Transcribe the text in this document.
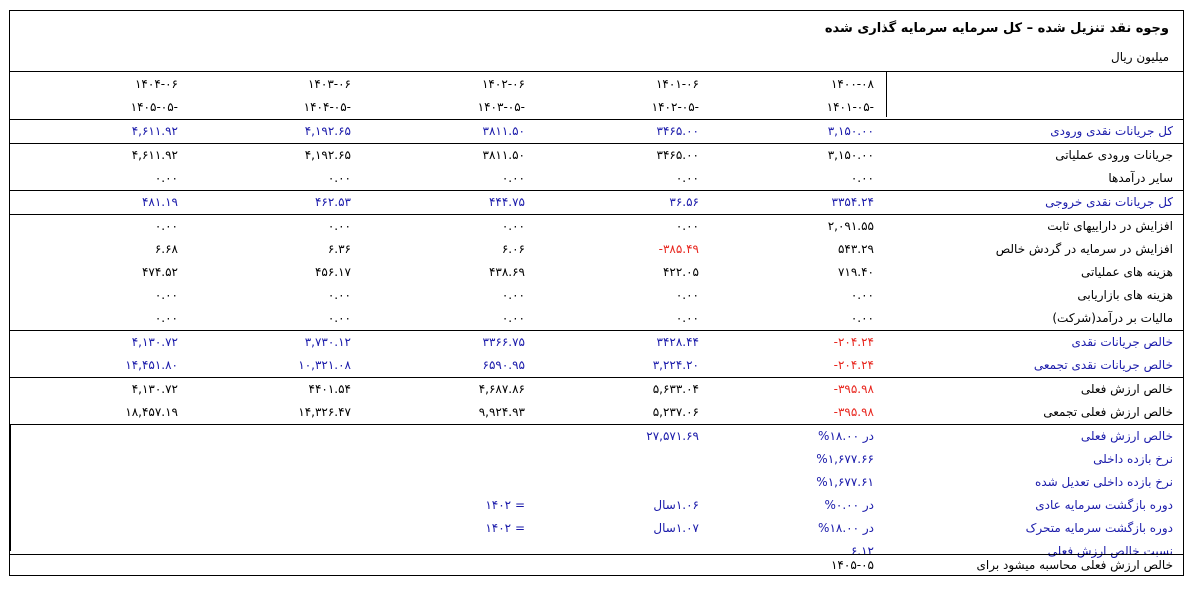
وجوه نقد تنزیل شده – کل سرمایه سرمایه گذاری شده
میلیون ریال
۱۴۰۰-۰۸
۱۴۰۱-۰۶
۱۴۰۲-۰۶
۱۴۰۳-۰۶
۱۴۰۴-۰۶
۱۴۰۱-۰۵-
۱۴۰۲-۰۵-
۱۴۰۳-۰۵-
۱۴۰۴-۰۵-
۱۴۰۵-۰۵-
کل جریانات نقدی ورودی
۳,۱۵۰.۰۰
۳۴۶۵.۰۰
۳۸۱۱.۵۰
۴,۱۹۲.۶۵
۴,۶۱۱.۹۲
جریانات ورودی عملیاتی
۳,۱۵۰.۰۰
۳۴۶۵.۰۰
۳۸۱۱.۵۰
۴,۱۹۲.۶۵
۴,۶۱۱.۹۲
سایر درآمدها
۰.۰۰
۰.۰۰
۰.۰۰
۰.۰۰
۰.۰۰
کل جریانات نقدی خروجی
۳۳۵۴.۲۴
۳۶.۵۶
۴۴۴.۷۵
۴۶۲.۵۳
۴۸۱.۱۹
افزایش در داراییهای ثابت
۲,۰۹۱.۵۵
۰.۰۰
۰.۰۰
۰.۰۰
۰.۰۰
افزایش در سرمایه در گردش خالص
۵۴۳.۲۹
-۳۸۵.۴۹
۶.۰۶
۶.۳۶
۶.۶۸
هزینه های عملیاتی
۷۱۹.۴۰
۴۲۲.۰۵
۴۳۸.۶۹
۴۵۶.۱۷
۴۷۴.۵۲
هزینه های بازاریابی
۰.۰۰
۰.۰۰
۰.۰۰
۰.۰۰
۰.۰۰
مالیات بر درآمد(شرکت)
۰.۰۰
۰.۰۰
۰.۰۰
۰.۰۰
۰.۰۰
خالص جریانات نقدی
-۲۰۴.۲۴
۳۴۲۸.۴۴
۳۳۶۶.۷۵
۳,۷۳۰.۱۲
۴,۱۳۰.۷۲
خالص جریانات نقدی تجمعی
-۲۰۴.۲۴
۳,۲۲۴.۲۰
۶۵۹۰.۹۵
۱۰,۳۲۱.۰۸
۱۴,۴۵۱.۸۰
خالص ارزش فعلی
-۳۹۵.۹۸
۵,۶۳۳.۰۴
۴,۶۸۷.۸۶
۴۴۰۱.۵۴
۴,۱۳۰.۷۲
خالص ارزش فعلی تجمعی
-۳۹۵.۹۸
۵,۲۳۷.۰۶
۹,۹۲۴.۹۳
۱۴,۳۲۶.۴۷
۱۸,۴۵۷.۱۹
خالص ارزش فعلی
در ۱۸.۰۰%
۲۷,۵۷۱.۶۹
نرخ بازده داخلی
%۱,۶۷۷.۶۶
نرخ بازده داخلی تعدیل شده
%۱,۶۷۷.۶۱
دوره بازگشت سرمایه عادی
در ۰.۰۰%
۱.۰۶سال
= ۱۴۰۲
دوره بازگشت سرمایه متحرک
در ۱۸.۰۰%
۱.۰۷سال
= ۱۴۰۲
نسبت خالص ارزش فعلی
۶.۱۲
خالص ارزش فعلی محاسبه میشود برای
۱۴۰۵-۰۵
